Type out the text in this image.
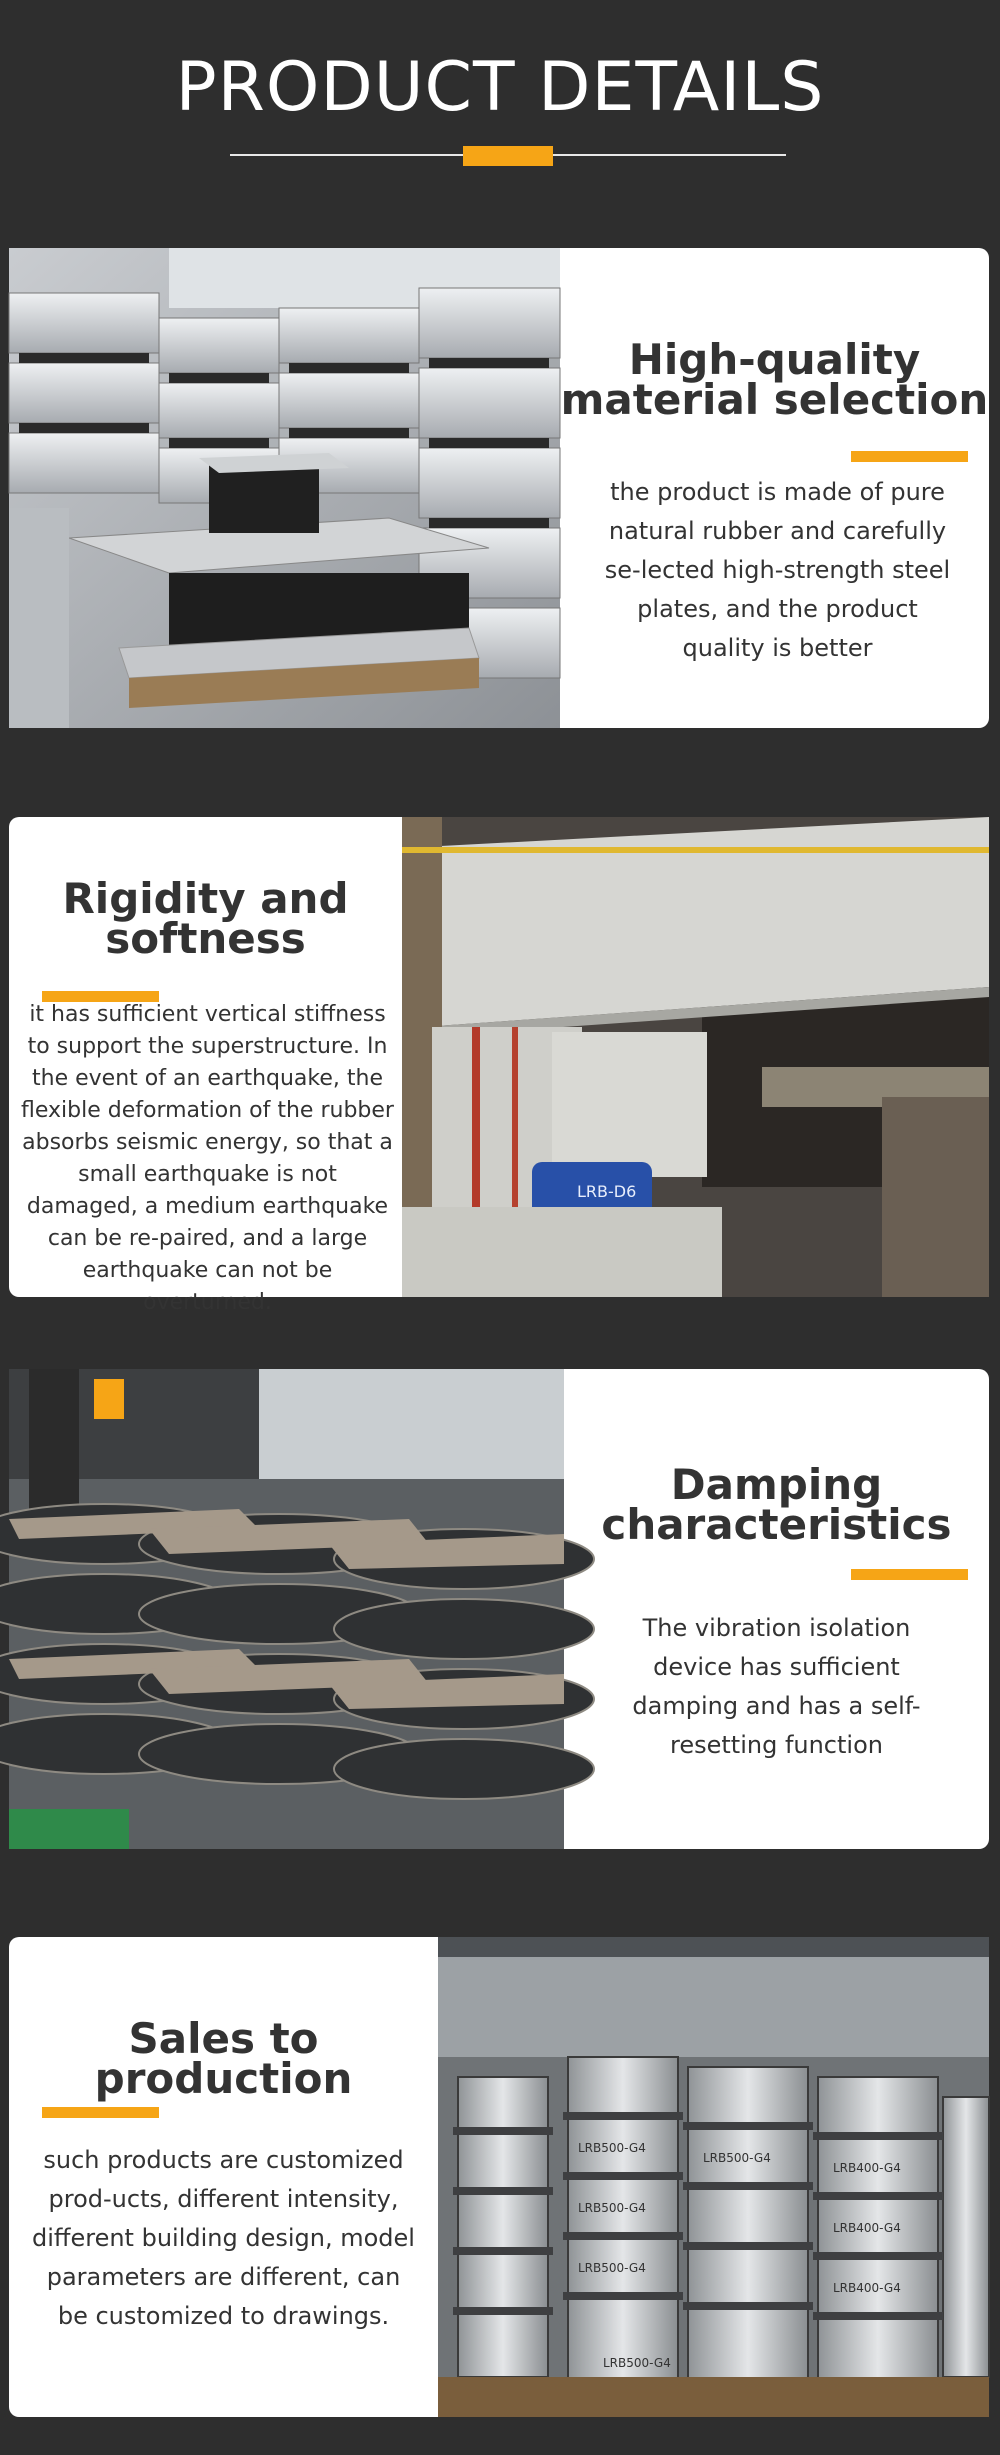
PRODUCT DETAILS
High-quality
material selection
the product is made of pure natural rubber and carefully se-lected high-strength steel plates, and the product quality is better
Rigidity and
softness
it has sufficient vertical stiffness to support the superstructure. In the event of an earthquake, the flexible deformation of the rubber absorbs seismic energy, so that a small earthquake is not damaged, a medium earthquake can be re-paired, and a large earthquake can not be overturned.
LRB-D6
Damping
characteristics
The vibration isolation device has sufficient damping and has a self-resetting function
Sales to
production
such products are customized prod-ucts, different intensity, different building design, model parameters are different, can be customized to drawings.
LRB500-G4
LRB500-G4
LRB500-G4
LRB500-G4
LRB400-G4
LRB400-G4
LRB400-G4
LRB500-G4
